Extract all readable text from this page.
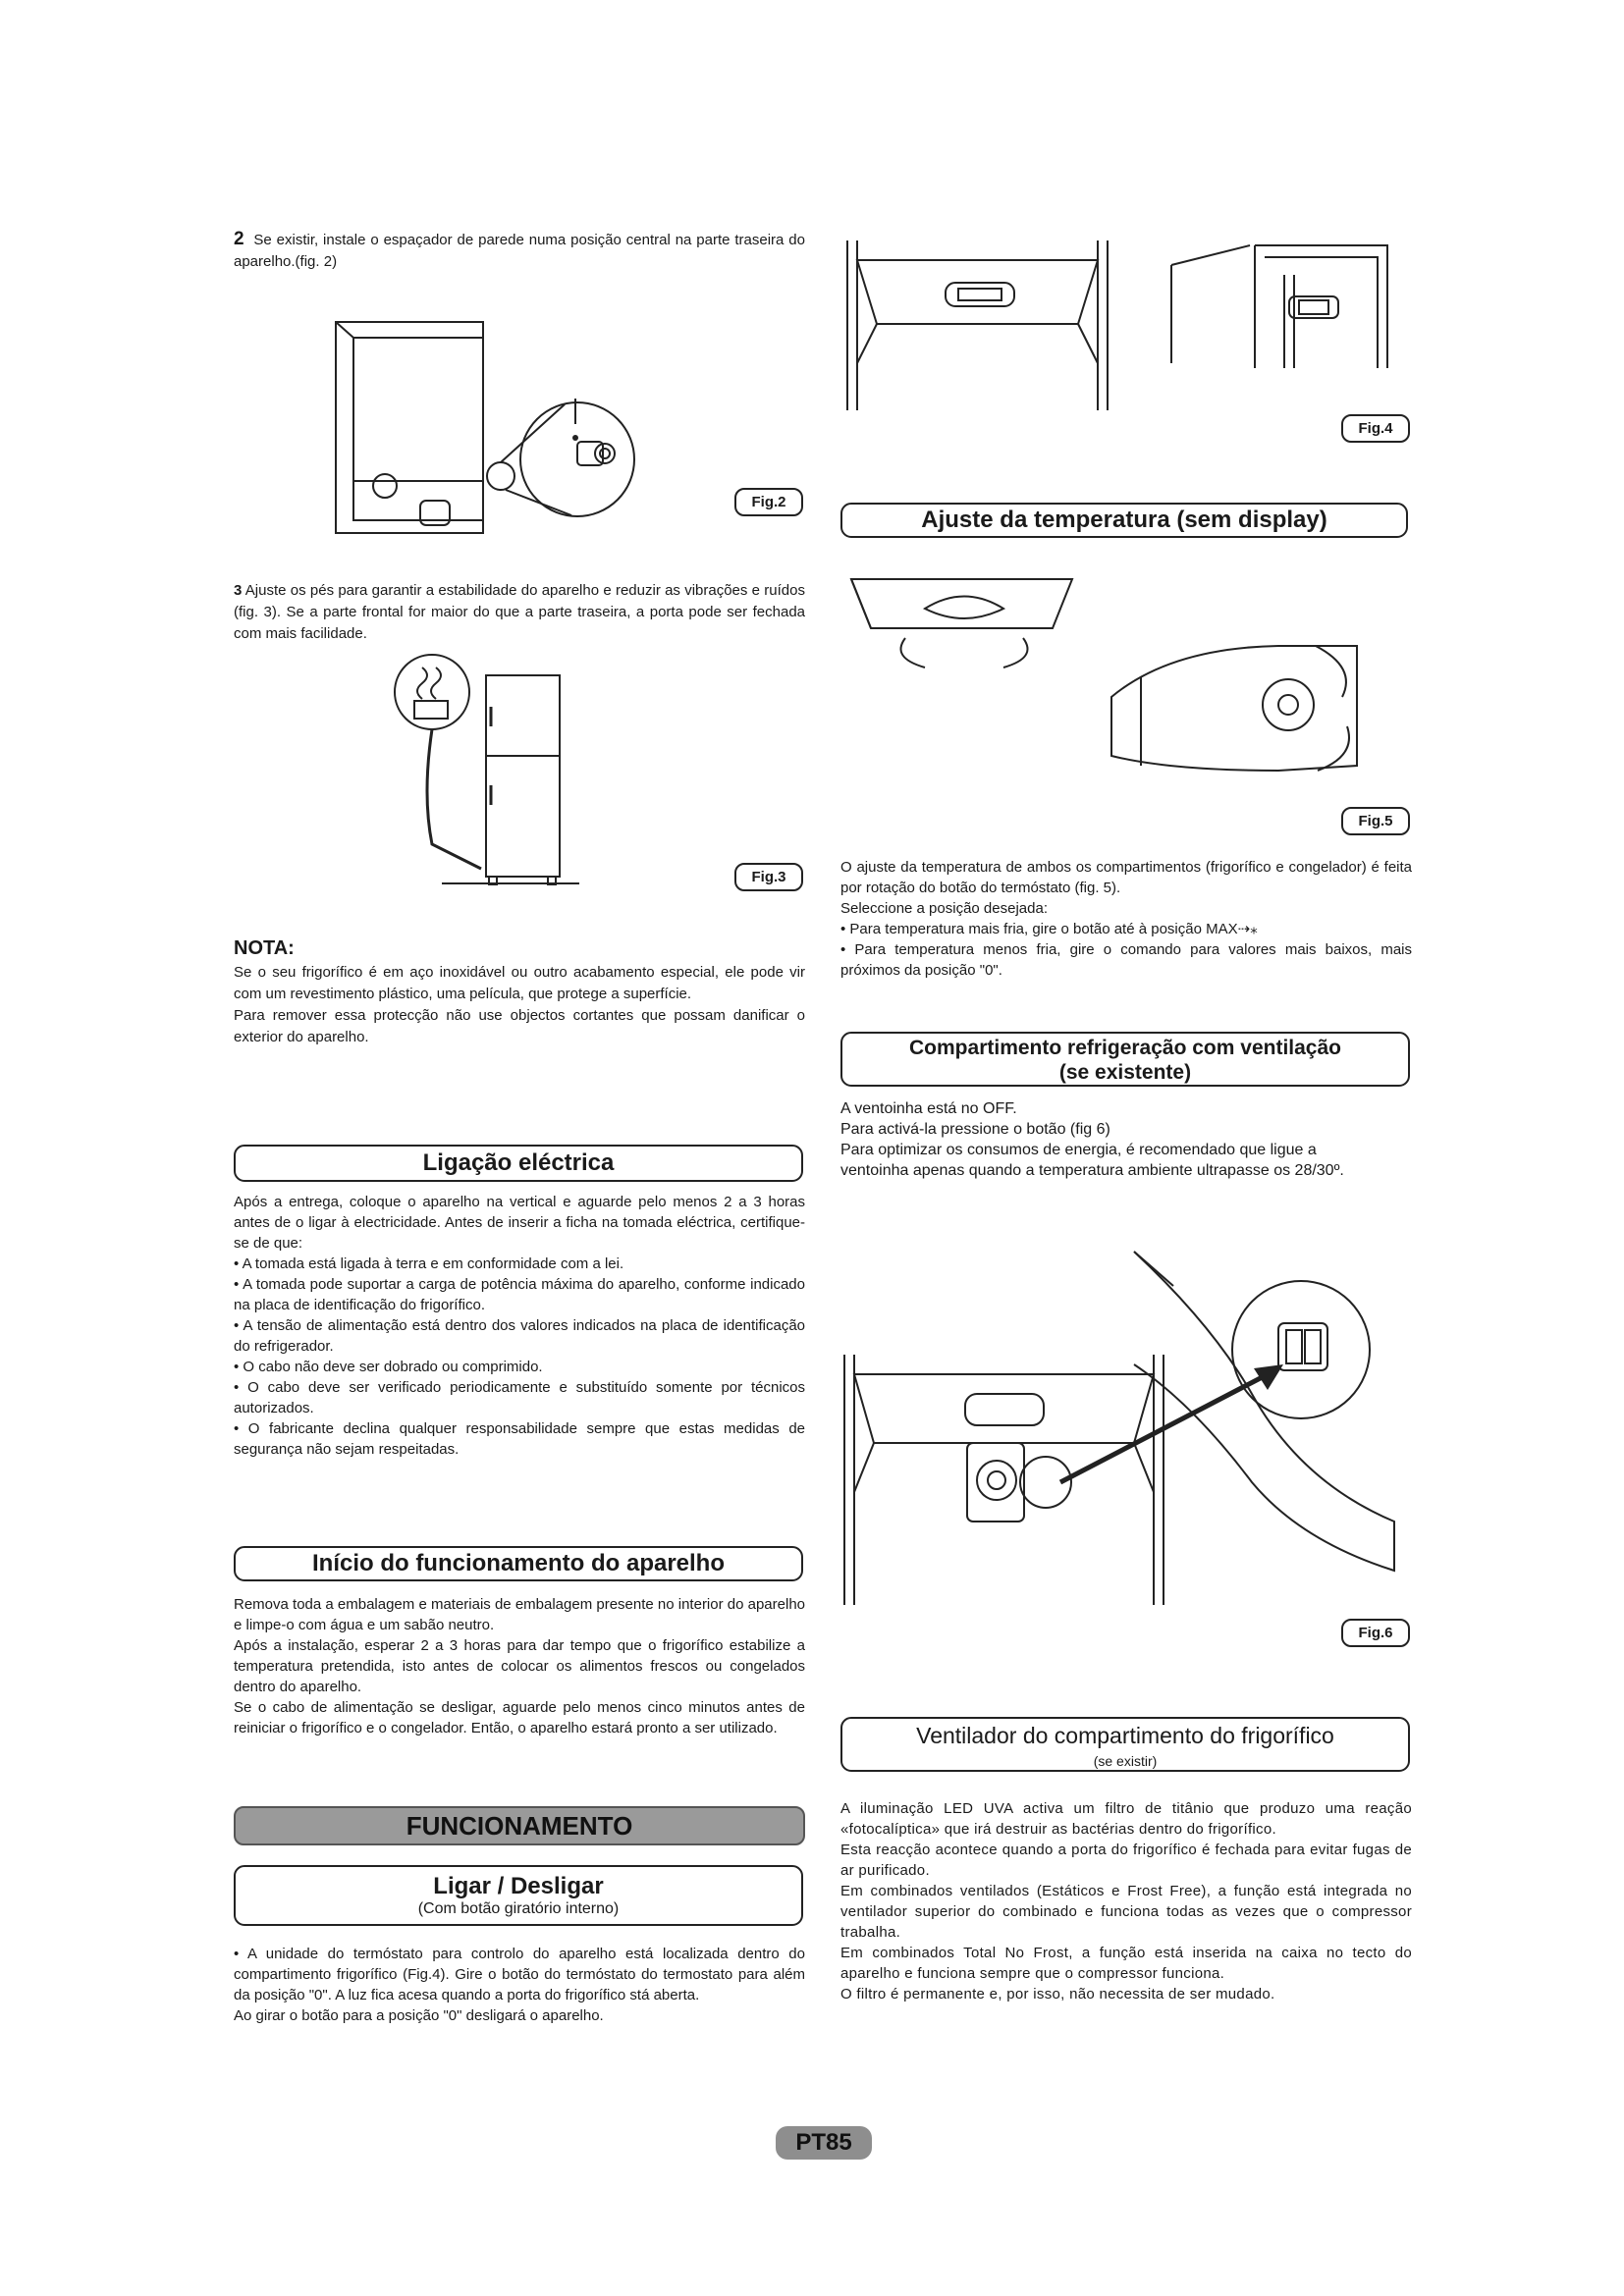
2 Se existir, instale o espaçador de parede numa posição central na parte traseira do aparelho.(fig. 2)

Fig.2

3 Ajuste os pés para garantir a estabilidade do aparelho e reduzir as vibrações e ruídos (fig. 3). Se a parte frontal for maior do que a parte traseira, a porta pode ser fechada com mais facilidade.

Fig.3
NOTA:

Se o seu frigorífico é em aço inoxidável ou outro acabamento especial, ele pode vir com um revestimento plástico, uma película, que protege a superfície.

Para remover essa protecção não use objectos cortantes que possam danificar o exterior do aparelho.

Ligação eléctrica

Após a entrega, coloque o aparelho na vertical e aguarde pelo menos 2 a 3 horas antes de o ligar à electricidade. Antes de inserir a ficha na tomada eléctrica, certifique-se de que:

• A tomada está ligada à terra e em conformidade com a lei.

• A tomada pode suportar a carga de potência máxima do aparelho, conforme indicado na placa de identificação do frigorífico.

• A tensão de alimentação está dentro dos valores indicados na placa de identificação do refrigerador.

• O cabo não deve ser dobrado ou comprimido.

• O cabo deve ser verificado periodicamente e substituído somente por técnicos autorizados.

• O fabricante declina qualquer responsabilidade sempre que estas medidas de segurança não sejam respeitadas.

Início do funcionamento do aparelho

Remova toda a embalagem e materiais de embalagem presente no interior do aparelho e limpe-o com água e um sabão neutro.

Após a instalação, esperar 2 a 3 horas para dar tempo que o frigorífico estabilize a temperatura pretendida, isto antes de colocar os alimentos frescos ou congelados dentro do aparelho.

Se o cabo de alimentação se desligar, aguarde pelo menos cinco minutos antes de reiniciar o frigorífico e o congelador. Então, o aparelho estará pronto a ser utilizado.

FUNCIONAMENTO
Ligar / Desligar
(Com botão giratório interno)

• A unidade do termóstato para controlo do aparelho está localizada dentro do compartimento frigorífico (Fig.4). Gire o botão do termóstato do termostato para além da posição "0". A luz fica acesa quando a porta do frigorífico stá aberta.

Ao girar o botão para a posição "0" desligará o aparelho.

Fig.4
Ajuste da temperatura (sem display)
Fig.5

O ajuste da temperatura de ambos os compartimentos (frigorífico e congelador) é feita por rotação do botão do termóstato (fig. 5).

Seleccione a posição desejada:

• Para temperatura mais fria, gire o botão até à posição MAX⇢⁎

• Para temperatura menos fria, gire o comando para valores mais baixos, mais próximos da posição "0".

Compartimento refrigeração com ventilação
(se existente)

A ventoinha está no OFF.

Para activá-la pressione o botão (fig 6)

Para optimizar os consumos de energia, é recomendado que ligue a ventoinha apenas quando a temperatura ambiente ultrapasse os 28/30º.

Fig.6
Ventilador do compartimento do frigorífico
(se existir)

A iluminação LED UVA activa um filtro de titânio que produzo uma reação «fotocalíptica» que irá destruir as bactérias dentro do frigorífico.

Esta reacção acontece quando a porta do frigorífico é fechada para evitar fugas de ar purificado.

Em combinados ventilados (Estáticos e Frost Free), a função está integrada no ventilador superior do combinado e funciona todas as vezes que o compressor trabalha.

Em combinados Total No Frost, a função está inserida na caixa no tecto do aparelho e funciona sempre que o compressor funciona.

O filtro é permanente e, por isso, não necessita de ser mudado.

PT85
